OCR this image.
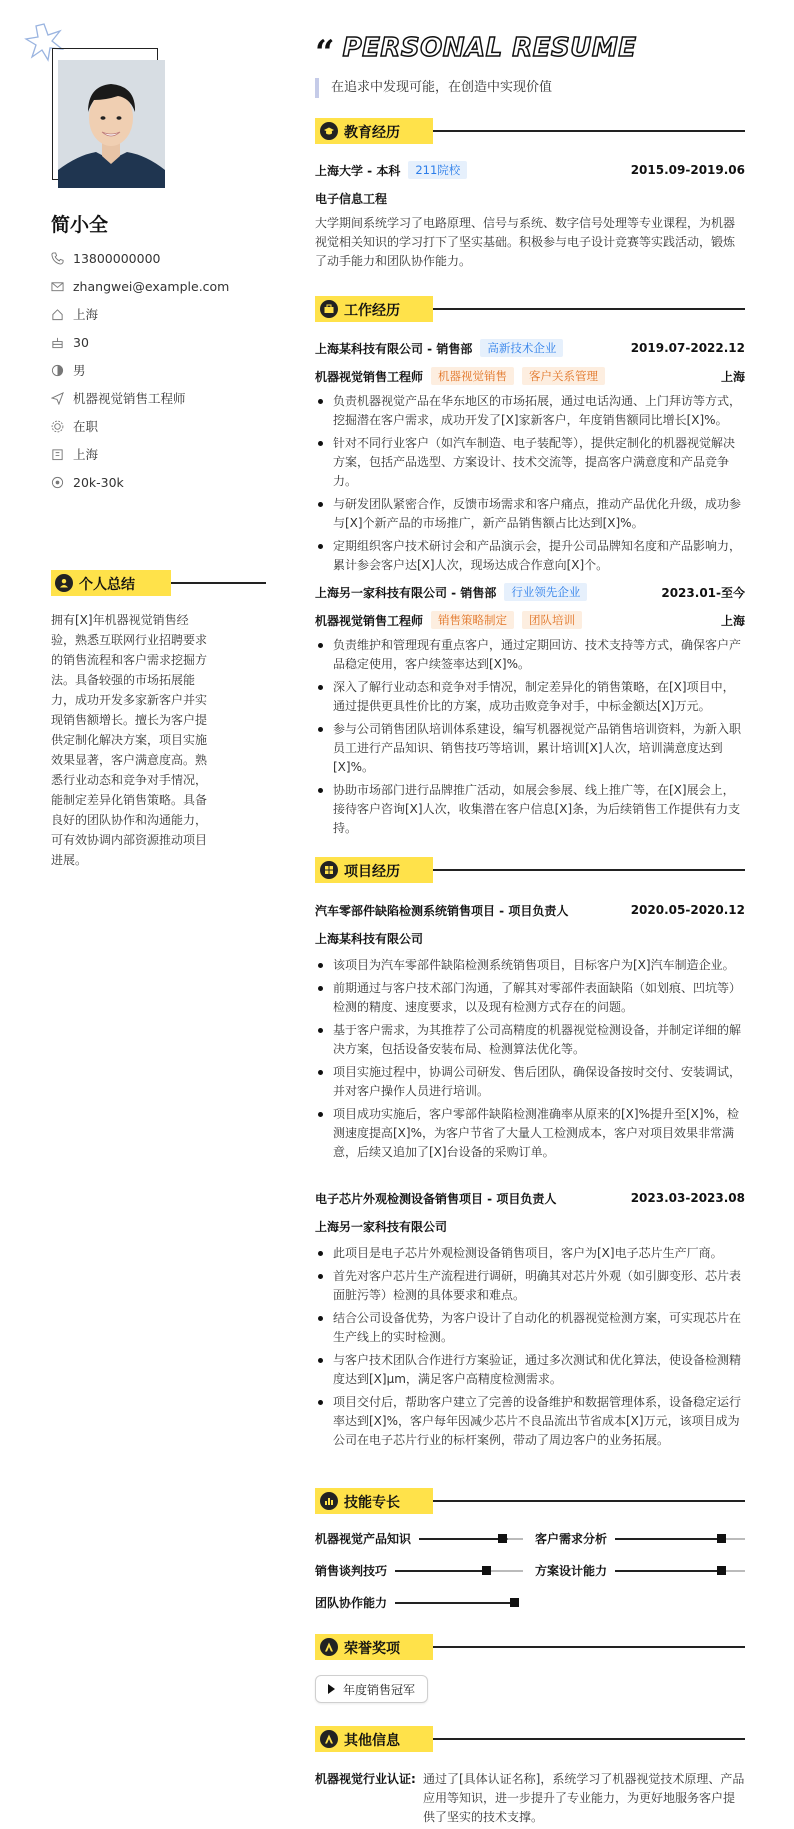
简小全
13800000000
zhangwei@example.com
上海
30
男
机器视觉销售工程师
在职
上海
20k-30k
个人总结
拥有[X]年机器视觉销售经验，熟悉互联网行业招聘要求的销售流程和客户需求挖掘方法。具备较强的市场拓展能力，成功开发多家新客户并实现销售额增长。擅长为客户提供定制化解决方案，项目实施效果显著，客户满意度高。熟悉行业动态和竞争对手情况，能制定差异化销售策略。具备良好的团队协作和沟通能力，可有效协调内部资源推动项目进展。
“ PERSONAL RESUME
在追求中发现可能，在创造中实现价值
教育经历
上海大学 - 本科	211院校	2015.09-2019.06
电子信息工程
大学期间系统学习了电路原理、信号与系统、数字信号处理等专业课程，为机器视觉相关知识的学习打下了坚实基础。积极参与电子设计竞赛等实践活动，锻炼了动手能力和团队协作能力。
工作经历
上海某科技有限公司 - 销售部	高新技术企业	2019.07-2022.12
机器视觉销售工程师	机器视觉销售	客户关系管理	上海
负责机器视觉产品在华东地区的市场拓展，通过电话沟通、上门拜访等方式，挖掘潜在客户需求，成功开发了[X]家新客户，年度销售额同比增长[X]%。
针对不同行业客户（如汽车制造、电子装配等），提供定制化的机器视觉解决方案，包括产品选型、方案设计、技术交流等，提高客户满意度和产品竞争力。
与研发团队紧密合作，反馈市场需求和客户痛点，推动产品优化升级，成功参与[X]个新产品的市场推广，新产品销售额占比达到[X]%。
定期组织客户技术研讨会和产品演示会，提升公司品牌知名度和产品影响力，累计参会客户达[X]人次，现场达成合作意向[X]个。
上海另一家科技有限公司 - 销售部	行业领先企业	2023.01-至今
机器视觉销售工程师	销售策略制定	团队培训	上海
负责维护和管理现有重点客户，通过定期回访、技术支持等方式，确保客户产品稳定使用，客户续签率达到[X]%。
深入了解行业动态和竞争对手情况，制定差异化的销售策略，在[X]项目中，通过提供更具性价比的方案，成功击败竞争对手，中标金额达[X]万元。
参与公司销售团队培训体系建设，编写机器视觉产品销售培训资料，为新入职员工进行产品知识、销售技巧等培训，累计培训[X]人次，培训满意度达到[X]%。
协助市场部门进行品牌推广活动，如展会参展、线上推广等，在[X]展会上，接待客户咨询[X]人次，收集潜在客户信息[X]条，为后续销售工作提供有力支持。
项目经历
汽车零部件缺陷检测系统销售项目 - 项目负责人	2020.05-2020.12
上海某科技有限公司
该项目为汽车零部件缺陷检测系统销售项目，目标客户为[X]汽车制造企业。
前期通过与客户技术部门沟通，了解其对零部件表面缺陷（如划痕、凹坑等）检测的精度、速度要求，以及现有检测方式存在的问题。
基于客户需求，为其推荐了公司高精度的机器视觉检测设备，并制定详细的解决方案，包括设备安装布局、检测算法优化等。
项目实施过程中，协调公司研发、售后团队，确保设备按时交付、安装调试，并对客户操作人员进行培训。
项目成功实施后，客户零部件缺陷检测准确率从原来的[X]%提升至[X]%，检测速度提高[X]%，为客户节省了大量人工检测成本，客户对项目效果非常满意，后续又追加了[X]台设备的采购订单。
电子芯片外观检测设备销售项目 - 项目负责人	2023.03-2023.08
上海另一家科技有限公司
此项目是电子芯片外观检测设备销售项目，客户为[X]电子芯片生产厂商。
首先对客户芯片生产流程进行调研，明确其对芯片外观（如引脚变形、芯片表面脏污等）检测的具体要求和难点。
结合公司设备优势，为客户设计了自动化的机器视觉检测方案，可实现芯片在生产线上的实时检测。
与客户技术团队合作进行方案验证，通过多次测试和优化算法，使设备检测精度达到[X]μm，满足客户高精度检测需求。
项目交付后，帮助客户建立了完善的设备维护和数据管理体系，设备稳定运行率达到[X]%，客户每年因减少芯片不良品流出节省成本[X]万元，该项目成为公司在电子芯片行业的标杆案例，带动了周边客户的业务拓展。
技能专长
机器视觉产品知识	客户需求分析
销售谈判技巧	方案设计能力
团队协作能力
荣誉奖项
年度销售冠军
其他信息
机器视觉行业认证: 通过了[具体认证名称]，系统学习了机器视觉技术原理、产品应用等知识，进一步提升了专业能力，为更好地服务客户提供了坚实的技术支撑。
